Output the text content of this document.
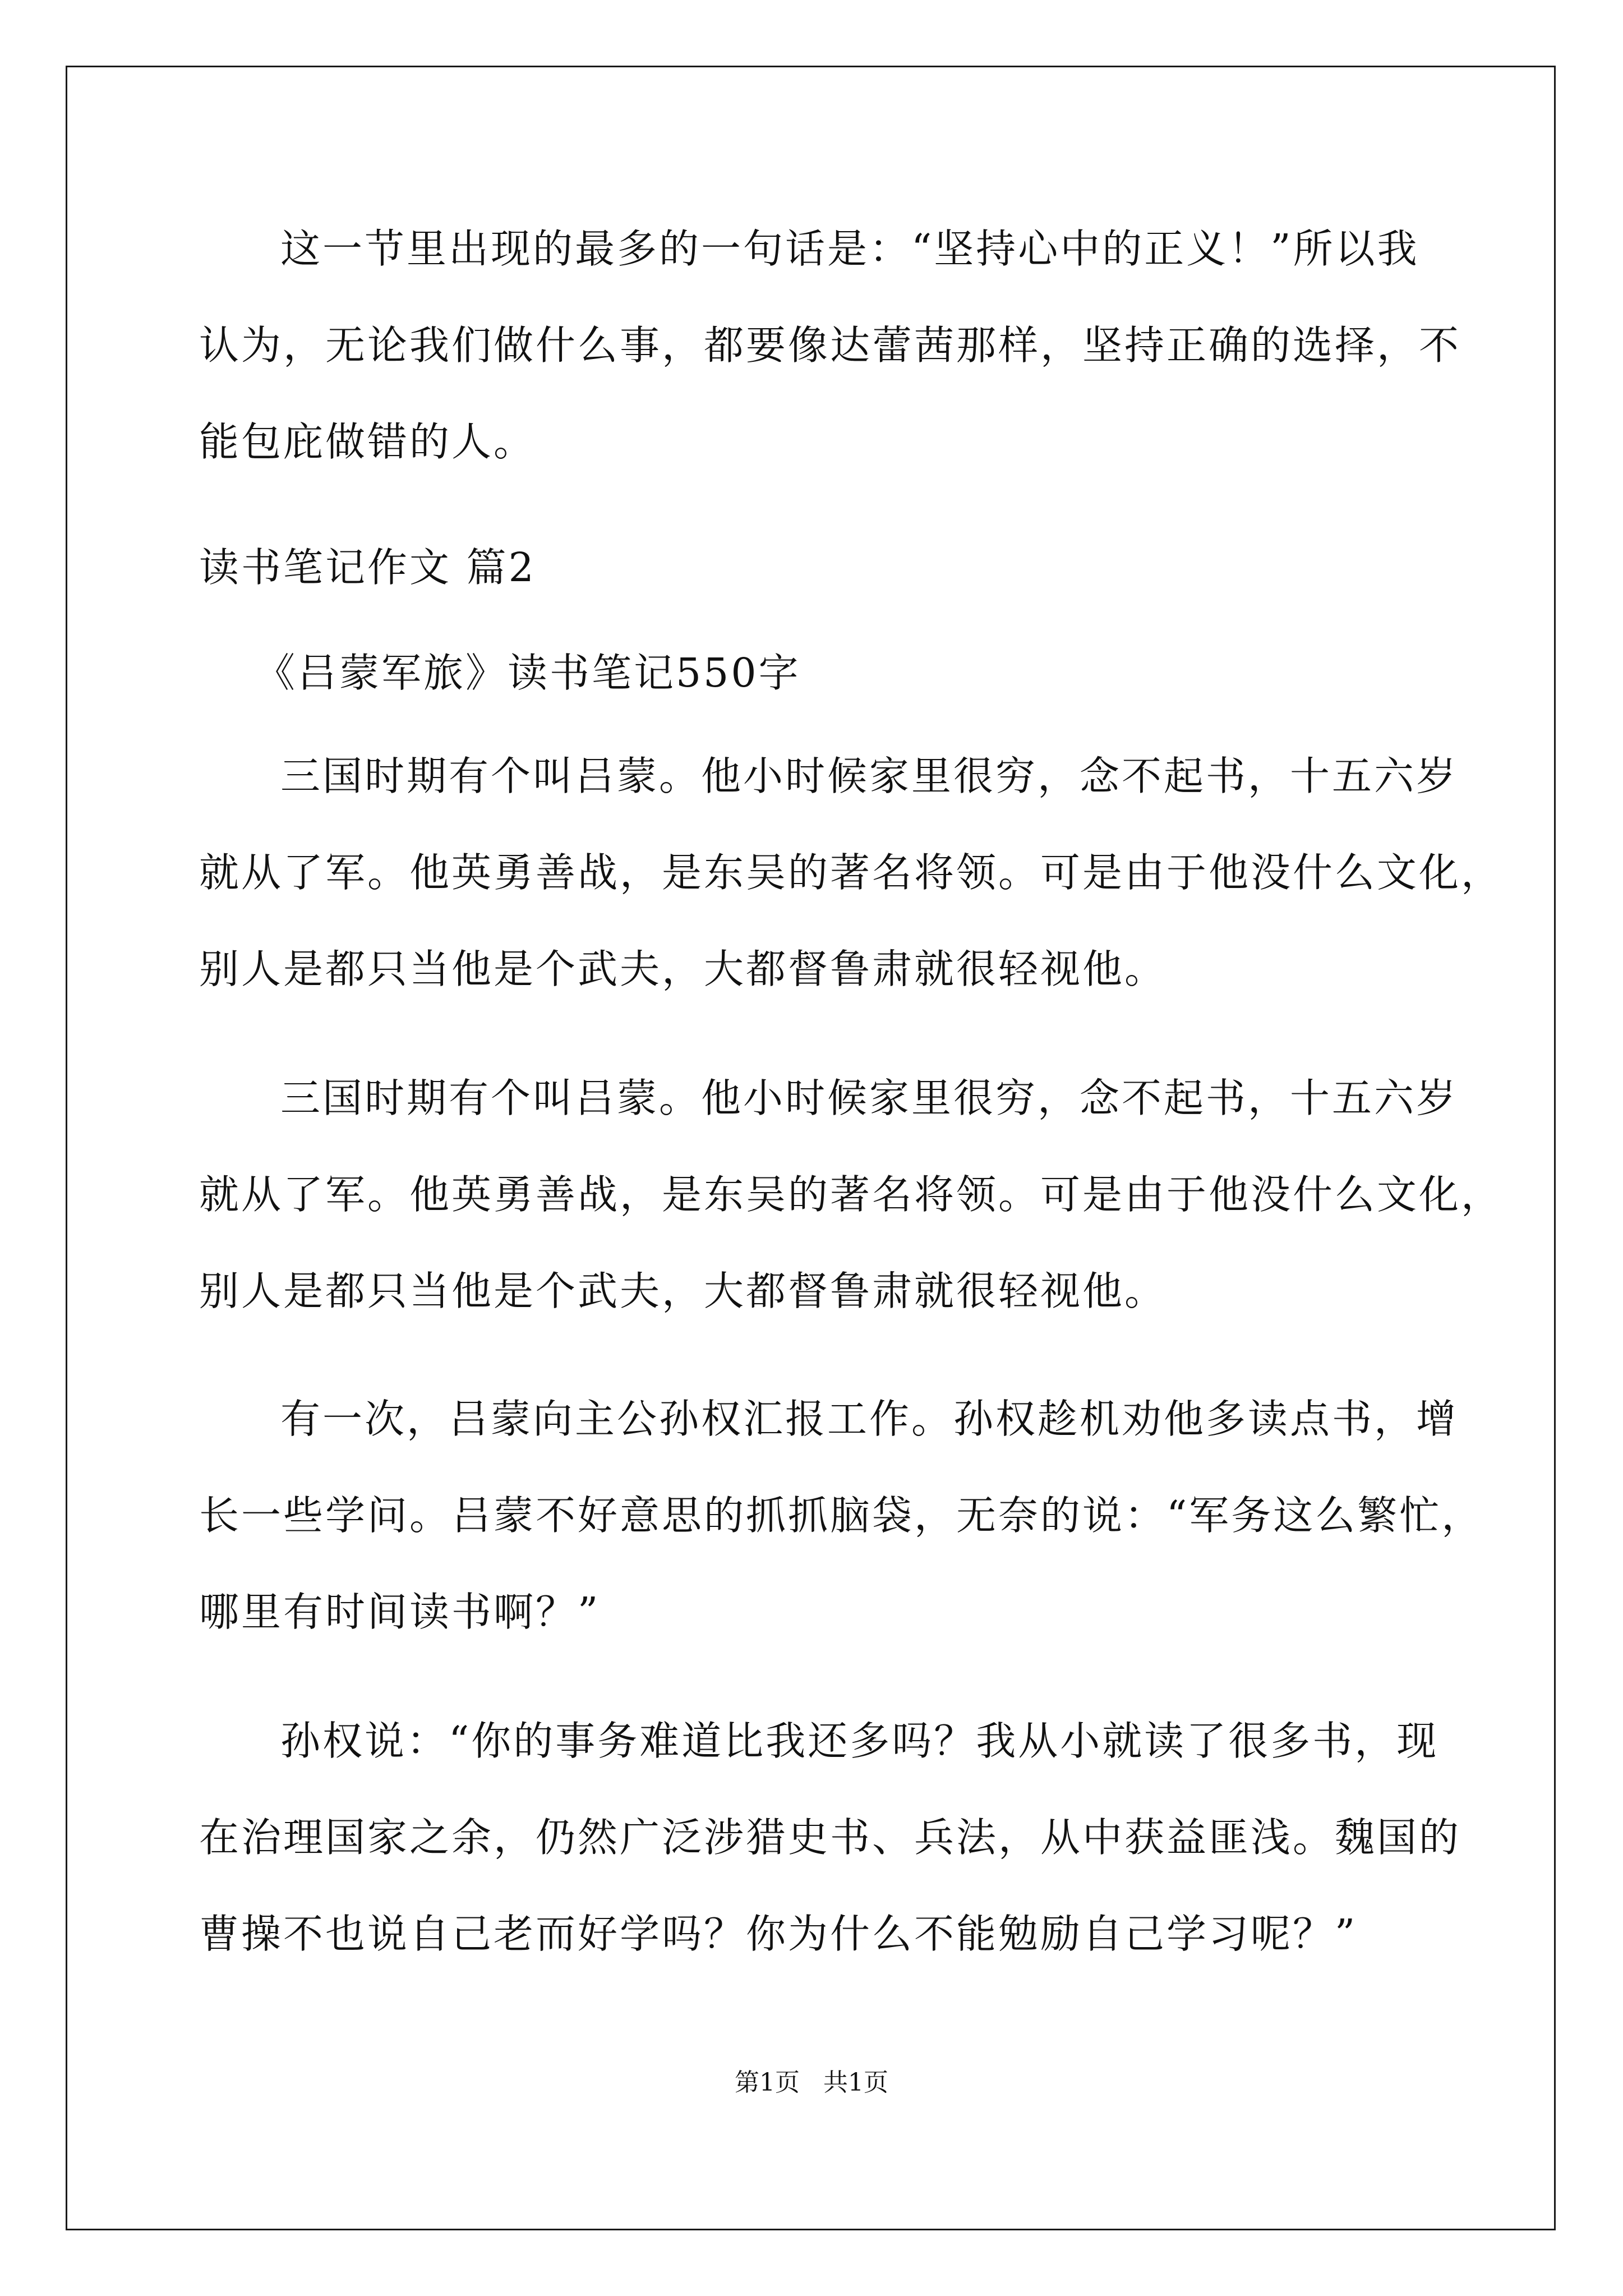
这一节里出现的最多的一句话是：“坚持心中的正义！”所以我
认为，无论我们做什么事，都要像达蕾茜那样，坚持正确的选择，不
能包庇做错的人。
读书笔记作文 篇2
《吕蒙军旅》读书笔记550字
三国时期有个叫吕蒙。他小时候家里很穷，念不起书，十五六岁
就从了军。他英勇善战，是东吴的著名将领。可是由于他没什么文化，
别人是都只当他是个武夫，大都督鲁肃就很轻视他。
三国时期有个叫吕蒙。他小时候家里很穷，念不起书，十五六岁
就从了军。他英勇善战，是东吴的著名将领。可是由于他没什么文化，
别人是都只当他是个武夫，大都督鲁肃就很轻视他。
有一次，吕蒙向主公孙权汇报工作。孙权趁机劝他多读点书，增
长一些学问。吕蒙不好意思的抓抓脑袋，无奈的说：“军务这么繁忙，
哪里有时间读书啊？”
孙权说：“你的事务难道比我还多吗？我从小就读了很多书，现
在治理国家之余，仍然广泛涉猎史书、兵法，从中获益匪浅。魏国的
曹操不也说自己老而好学吗？你为什么不能勉励自己学习呢？”
第1页   共1页
